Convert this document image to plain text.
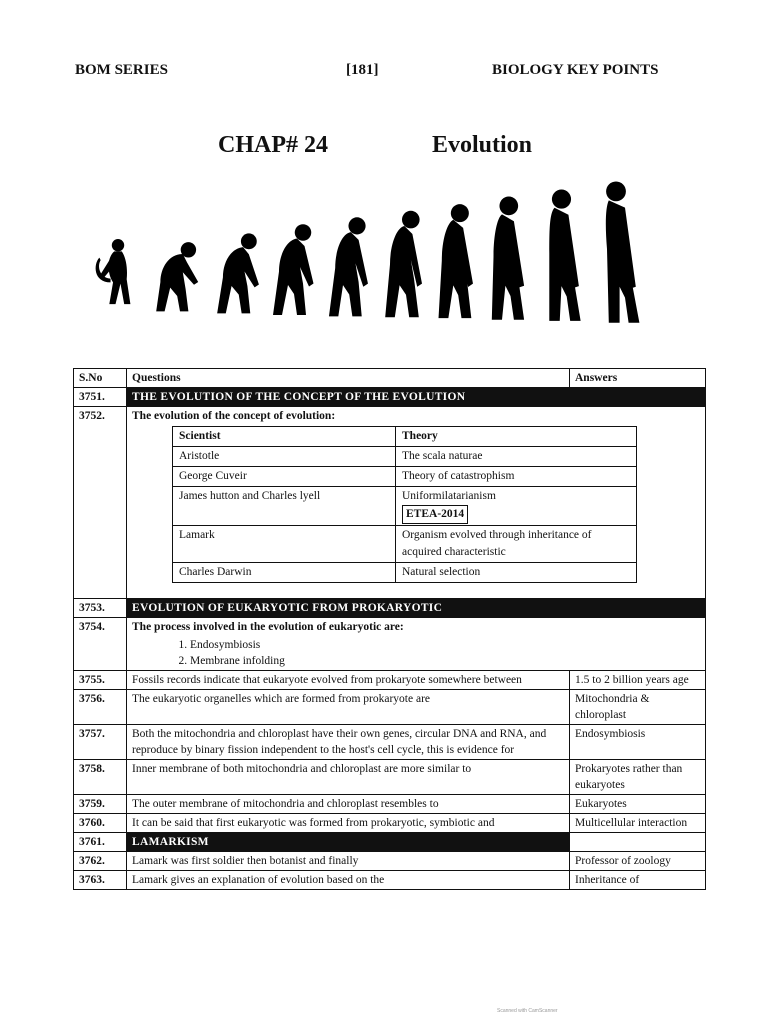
BOM SERIES	[181]	BIOLOGY KEY POINTS
CHAP# 24	Evolution
S.No	Questions	Answers
3751.	THE EVOLUTION OF THE CONCEPT OF THE EVOLUTION	
3752.	The evolution of the concept of evolution:
Scientist	Theory
Aristotle	The scala naturae
George Cuveir	Theory of catastrophism
James hutton and Charles lyell	Uniformilatarianism
ETEA-2014
Lamark	Organism evolved through inheritance of acquired characteristic
Charles Darwin	Natural selection

3753.	EVOLUTION OF EUKARYOTIC FROM PROKARYOTIC	
3754.	The process involved in the evolution of eukaryotic are:
1. Endosymbiosis
2. Membrane infolding

3755.	Fossils records indicate that eukaryote evolved from prokaryote somewhere between	1.5 to 2 billion years age
3756.	The eukaryotic organelles which are formed from prokaryote are	Mitochondria & chloroplast
3757.	Both the mitochondria and chloroplast have their own genes, circular DNA and RNA, and reproduce by binary fission independent to the host's cell cycle, this is evidence for	Endosymbiosis
3758.	Inner membrane of both mitochondria and chloroplast are more similar to	Prokaryotes rather than eukaryotes
3759.	The outer membrane of mitochondria and chloroplast resembles to	Eukaryotes
3760.	It can be said that first eukaryotic was formed from prokaryotic, symbiotic and	Multicellular interaction
3761.	LAMARKISM	
3762.	Lamark was first soldier then botanist and finally	Professor of zoology
3763.	Lamark gives an explanation of evolution based on the	Inheritance of
Scanned with CamScanner
